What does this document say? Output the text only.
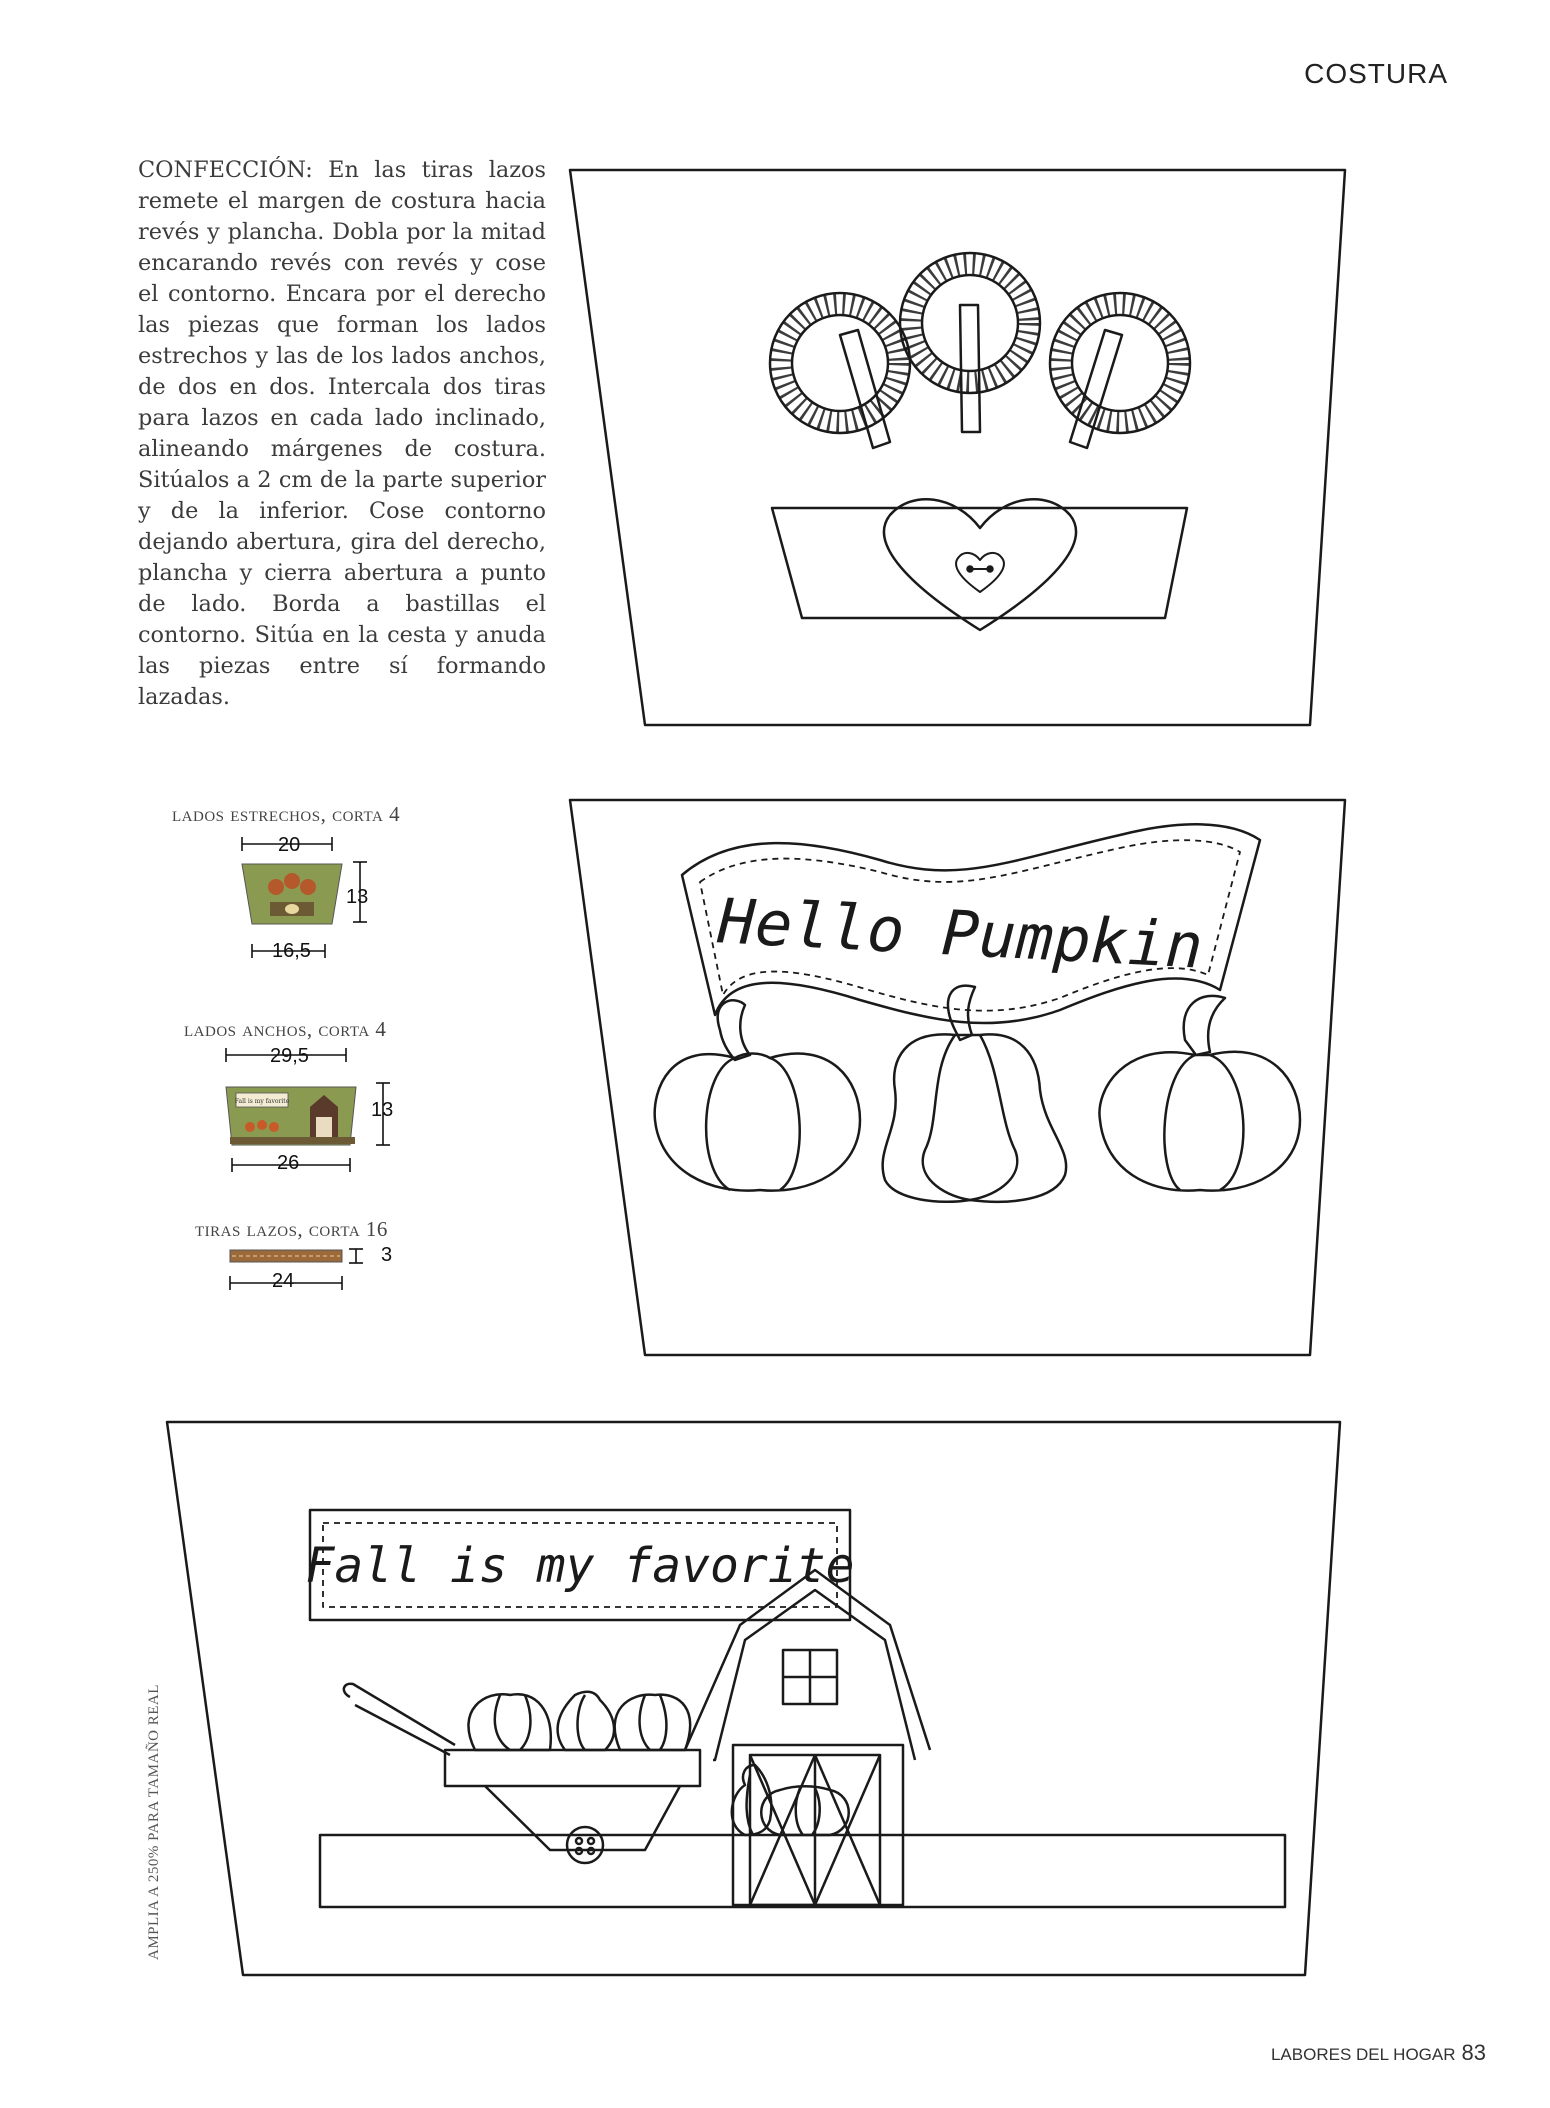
COSTURA

CONFECCIÓN: En las tiras lazos remete el margen de costura hacia revés y plancha. Dobla por la mitad encarando revés con revés y cose el contorno. Encara por el derecho las piezas que forman los lados estrechos y las de los lados anchos, de dos en dos. Intercala dos tiras para lazos en cada lado inclinado, alineando márgenes de costura. Sitúalos a 2 cm de la parte superior y de la inferior. Cose contorno dejando abertura, gira del derecho, plancha y cierra abertura a punto de lado. Borda a bastillas el contorno. Sitúa en la cesta y anuda las piezas entre sí formando lazadas.

Hello Pumpkin
Fall is my favorite
lados estrechos, corta 4
20
13
16,5
lados anchos, corta 4
Fall is my favorite
29,5
13
26
tiras lazos, corta 16
3
24
AMPLIA A 250% PARA TAMAÑO REAL
LABORES DEL HOGAR 83
